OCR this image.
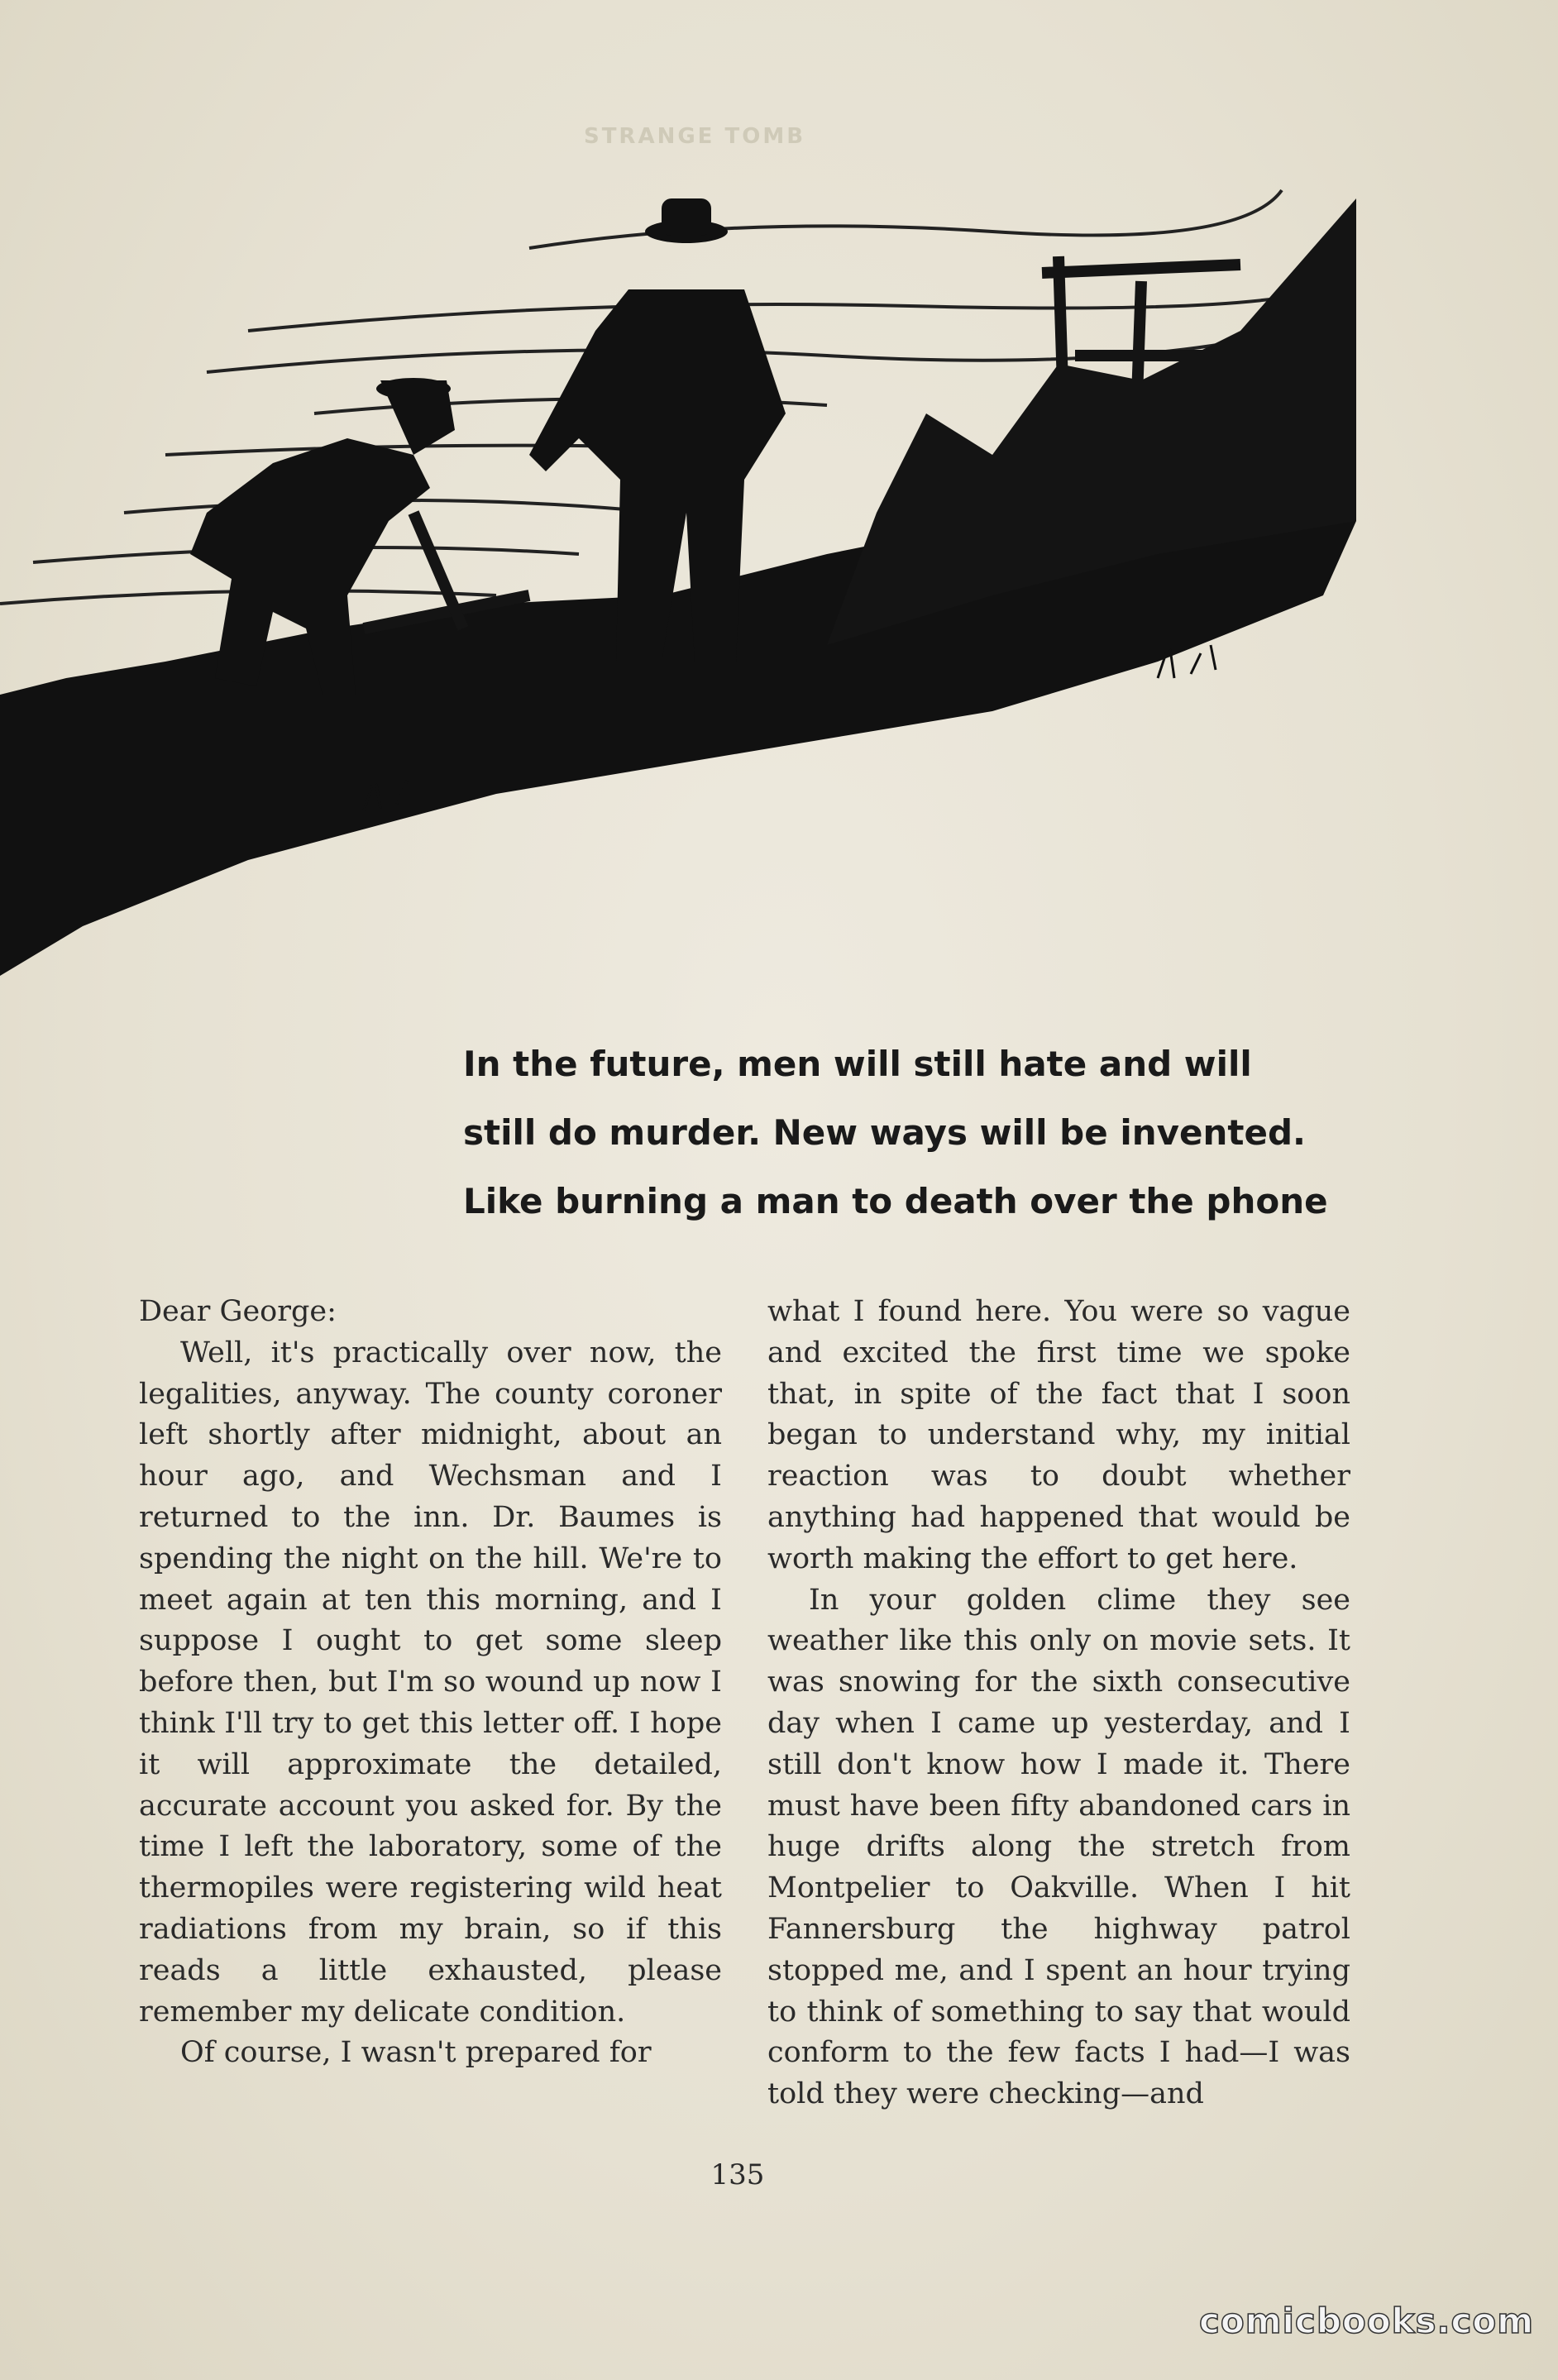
STRANGE TOMB

In the future, men will still hate and will

still do murder. New ways will be invented.

Like burning a man to death over the phone

Dear George:

Well, it's practically over now, the legalities, anyway. The county coroner left shortly after midnight, about an hour ago, and Wechsman and I returned to the inn. Dr. Baumes is spending the night on the hill. We're to meet again at ten this morning, and I suppose I ought to get some sleep before then, but I'm so wound up now I think I'll try to get this letter off. I hope it will approximate the detailed, accurate account you asked for. By the time I left the laboratory, some of the thermopiles were registering wild heat radiations from my brain, so if this reads a little exhausted, please remember my delicate condition.

Of course, I wasn't prepared for

what I found here. You were so vague and excited the first time we spoke that, in spite of the fact that I soon began to understand why, my initial reaction was to doubt whether anything had happened that would be worth making the effort to get here.

In your golden clime they see weather like this only on movie sets. It was snowing for the sixth consecutive day when I came up yesterday, and I still don't know how I made it. There must have been fifty abandoned cars in huge drifts along the stretch from Montpelier to Oakville. When I hit Fannersburg the highway patrol stopped me, and I spent an hour trying to think of something to say that would conform to the few facts I had—I was told they were checking—and

135
comicbooks.com
